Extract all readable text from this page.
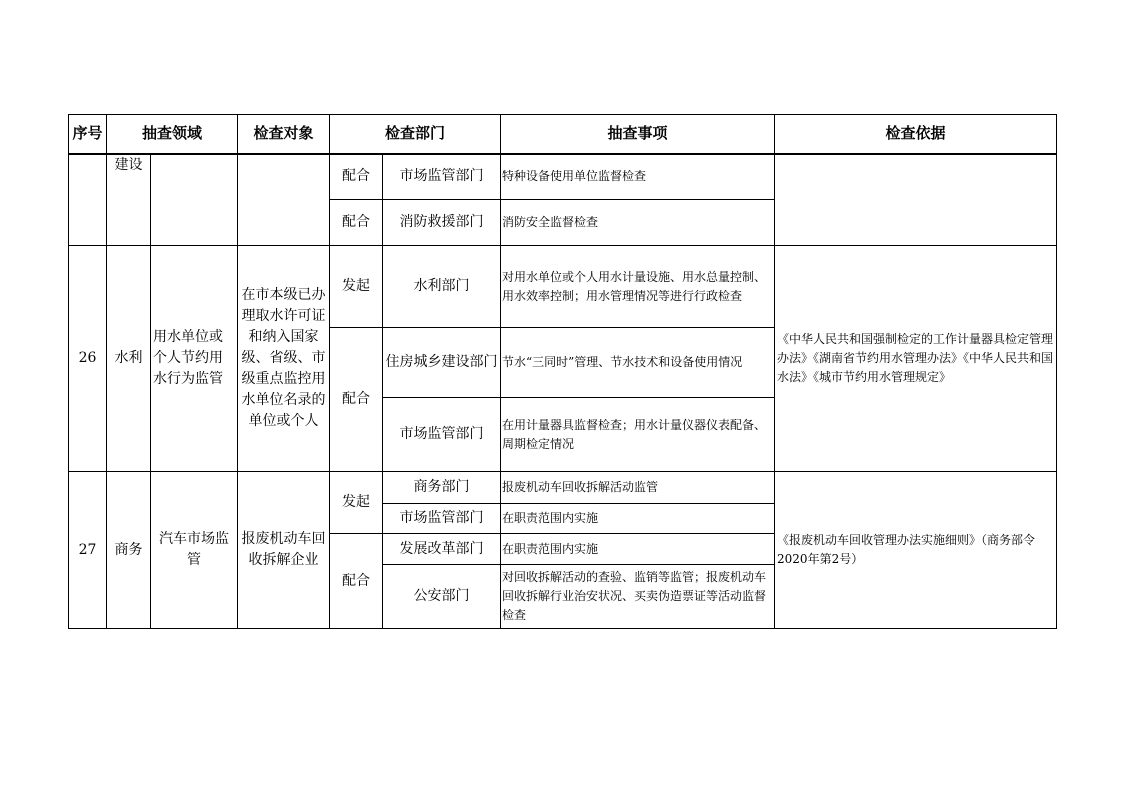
序号	抽查领域		检查对象	检查部门		抽查事项	检查依据
	建设			配合	市场监管部门	特种设备使用单位监督检查	
				配合	消防救援部门	消防安全监督检查	
26	水利	用水单位或个人节约用水行为监管	在市本级已办理取水许可证和纳入国家级、省级、市级重点监控用水单位名录的单位或个人	发起	水利部门	对用水单位或个人用水计量设施、用水总量控制、用水效率控制；用水管理情况等进行行政检查	《中华人民共和国强制检定的工作计量器具检定管理办法》《湖南省节约用水管理办法》《中华人民共和国水法》《城市节约用水管理规定》
				配合	住房城乡建设部门	节水“三同时”管理、节水技术和设备使用情况	
					市场监管部门	在用计量器具监督检查；用水计量仪器仪表配备、周期检定情况	
27	商务	汽车市场监管	报废机动车回收拆解企业	发起	商务部门	报废机动车回收拆解活动监管	《报废机动车回收管理办法实施细则》（商务部令2020年第2号）
					市场监管部门	在职责范围内实施	
				配合	发展改革部门	在职责范围内实施	
					公安部门	对回收拆解活动的查验、监销等监管；报废机动车回收拆解行业治安状况、买卖伪造票证等活动监督检查	
